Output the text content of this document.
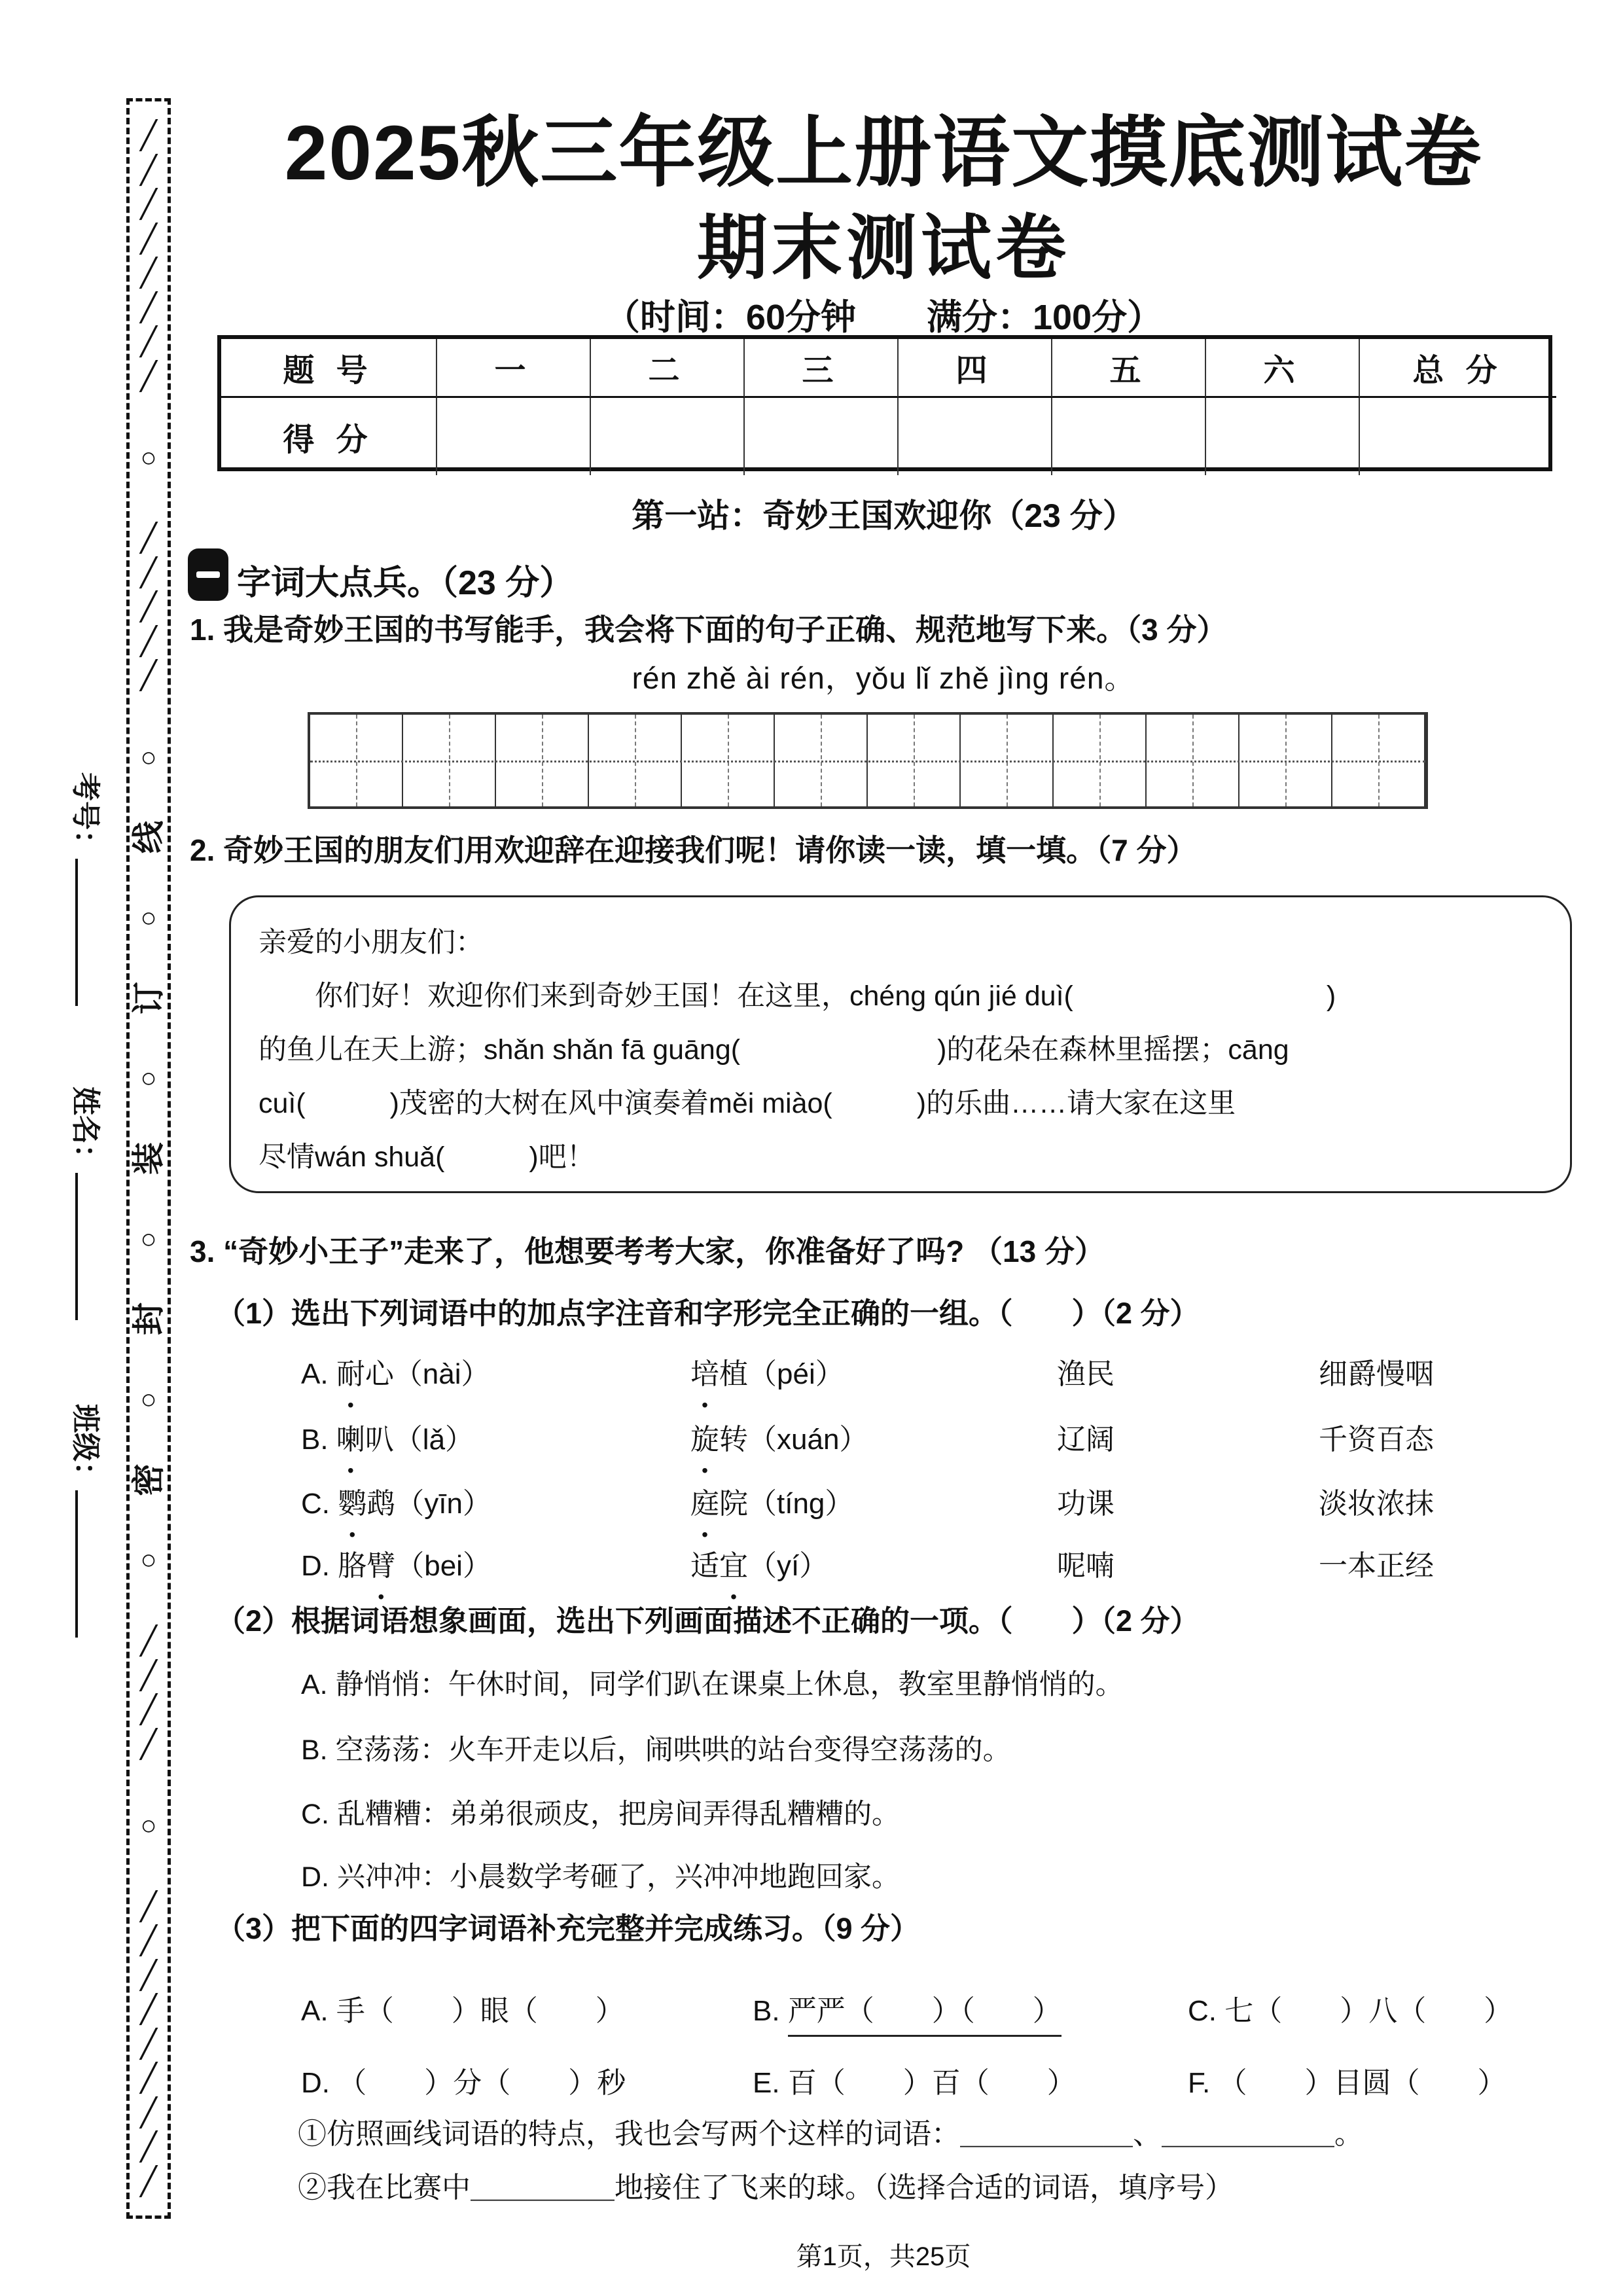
╱╱╱╱╱╱╱╱
○
╱╱╱╱╱
○
线
○
订
○
装
○
封
○
密
○
╱╱╱╱
○
╱╱╱╱╱╱╱╱╱
考号：
姓名：
班级：
2025秋三年级上册语文摸底测试卷
期末测试卷
（时间：60分钟　　满分：100分）
题 号	一	二	三	四	五	六	总 分
得 分
第一站：奇妙王国欢迎你（23 分）
字词大点兵。（23 分）
1. 我是奇妙王国的书写能手，我会将下面的句子正确、规范地写下来。（3 分）
rén zhě ài rén，yǒu lǐ zhě jìng rén。
2. 奇妙王国的朋友们用欢迎辞在迎接我们呢！请你读一读，填一填。（7 分）
亲爱的小朋友们：
　　你们好！欢迎你们来到奇妙王国！在这里，chéng qún jié duì(　　　　　　　　　)
的鱼儿在天上游；shǎn shǎn fā guāng(　　　　　　　)的花朵在森林里摇摆；cāng
cuì(　　　)茂密的大树在风中演奏着měi miào(　　　)的乐曲……请大家在这里
尽情wán shuǎ(　　　)吧！
3. “奇妙小王子”走来了，他想要考考大家，你准备好了吗? （13 分）
（1）选出下列词语中的加点字注音和字形完全正确的一组。（　　）（2 分）
A. 耐心（nài）	培植（péi）	渔民	细爵慢咽
B. 喇叭（lǎ）	旋转（xuán）	辽阔	千资百态
C. 鹦鹉（yīn）	庭院（tíng）	功课	淡妆浓抹
D. 胳臂（bei）	适宜（yí）	呢喃	一本正经
（2）根据词语想象画面，选出下列画面描述不正确的一项。（　　）（2 分）
A. 静悄悄：午休时间，同学们趴在课桌上休息，教室里静悄悄的。
B. 空荡荡：火车开走以后，闹哄哄的站台变得空荡荡的。
C. 乱糟糟：弟弟很顽皮，把房间弄得乱糟糟的。
D. 兴冲冲：小晨数学考砸了，兴冲冲地跑回家。
（3）把下面的四字词语补充完整并完成练习。（9 分）
A. 手（　　）眼（　　）	B. 严严（　　）（　　）	C. 七（　　）八（　　）
D. （　　）分（　　）秒	E. 百（　　）百（　　）	F. （　　）目圆（　　）
①仿照画线词语的特点，我也会写两个这样的词语：＿＿＿＿＿＿、＿＿＿＿＿＿。
②我在比赛中＿＿＿＿＿地接住了飞来的球。（选择合适的词语，填序号）
第1页，共25页
